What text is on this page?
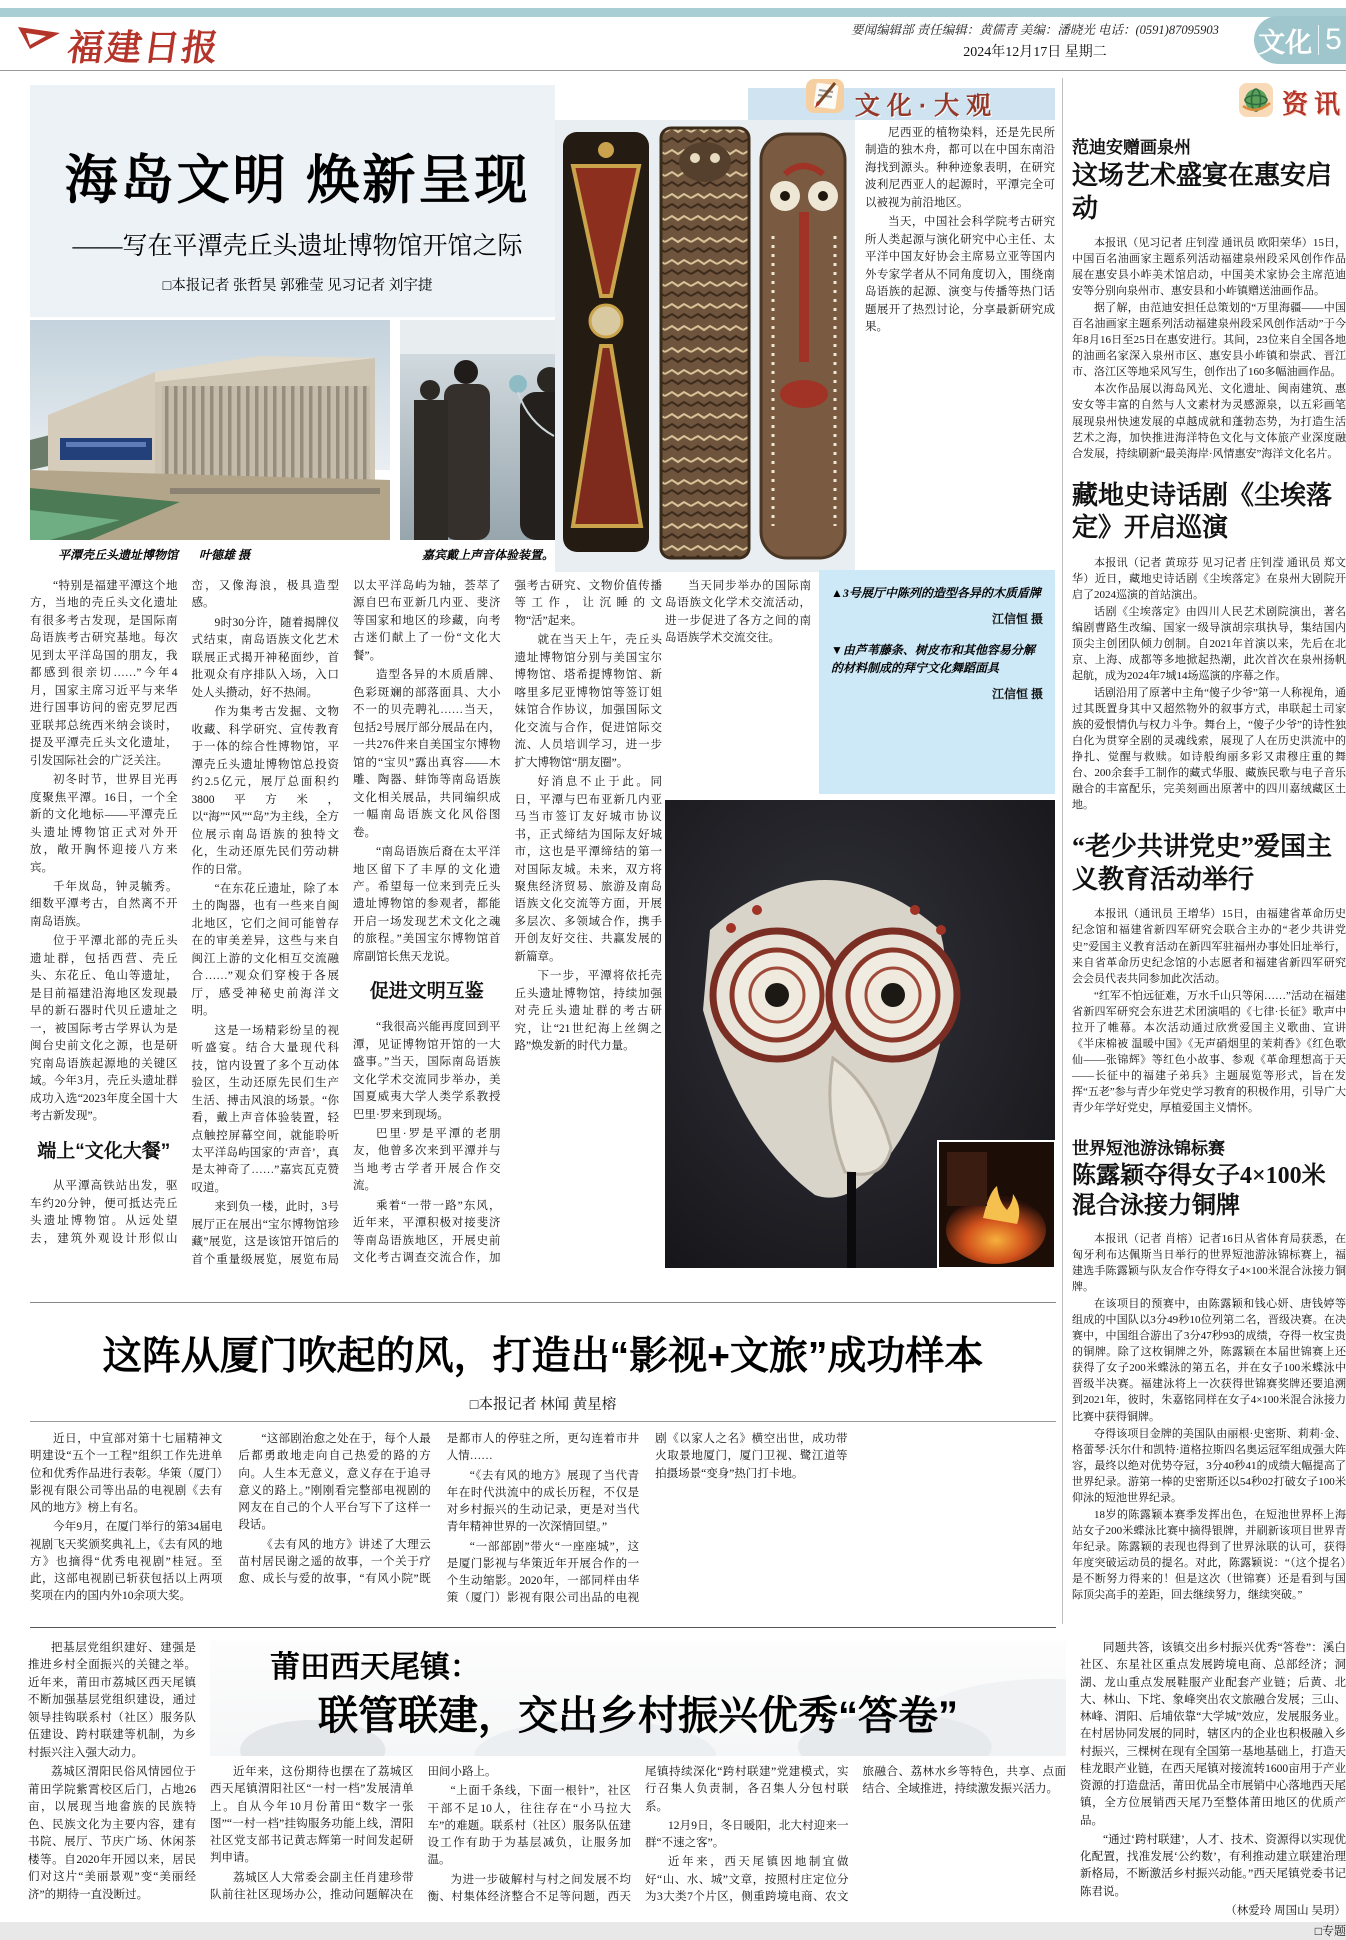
福建日报	要闻编辑部 责任编辑：黄儒青 美编：潘晓光 电话：(0591)87095903
2024年12月17日 星期二	文化 5
文化·大观
海岛文明 焕新呈现
——写在平潭壳丘头遗址博物馆开馆之际
□本报记者 张哲昊 郭雅莹 见习记者 刘宇捷
平潭壳丘头遗址博物馆 叶德雄 摄	嘉宾戴上声音体验装置。

尼西亚的植物染料，还是先民所制造的独木舟，都可以在中国东南沿海找到源头。种种迹象表明，在研究波利尼西亚人的起源时，平潭完全可以被视为前沿地区。

当天，中国社会科学院考古研究所人类起源与演化研究中心主任、太平洋中国友好协会主席易立亚等国内外专家学者从不同角度切入，围绕南岛语族的起源、演变与传播等热门话题展开了热烈讨论，分享最新研究成果。

▲3号展厅中陈列的造型各异的木质盾牌
江信恒 摄
▼由芦苇藤条、树皮布和其他容易分解的材料制成的拜宁文化舞蹈面具
江信恒 摄

当天同步举办的国际南岛语族文化学术交流活动，进一步促进了各方之间的南岛语族学术交流交往。

“特别是福建平潭这个地方，当地的壳丘头文化遗址有很多考古发现，是国际南岛语族考古研究基地。每次见到太平洋岛国的朋友，我都感到很亲切……”今年4月，国家主席习近平与来华进行国事访问的密克罗尼西亚联邦总统西米纳会谈时，提及平潭壳丘头文化遗址，引发国际社会的广泛关注。

初冬时节，世界目光再度聚焦平潭。16日，一个全新的文化地标——平潭壳丘头遗址博物馆正式对外开放，敞开胸怀迎接八方来宾。

千年岚岛，钟灵毓秀。细数平潭考古，自然离不开南岛语族。

位于平潭北部的壳丘头遗址群，包括西营、壳丘头、东花丘、龟山等遗址，是目前福建沿海地区发现最早的新石器时代贝丘遗址之一，被国际考古学界认为是闽台史前文化之源，也是研究南岛语族起源地的关键区域。今年3月，壳丘头遗址群成功入选“2023年度全国十大考古新发现”。

端上“文化大餐”

从平潭高铁站出发，驱车约20分钟，便可抵达壳丘头遗址博物馆。从远处望去，建筑外观设计形似山峦，又像海浪，极具造型感。

9时30分许，随着揭牌仪式结束，南岛语族文化艺术联展正式揭开神秘面纱，首批观众有序排队入场，入口处人头攒动，好不热闹。

作为集考古发掘、文物收藏、科学研究、宣传教育于一体的综合性博物馆，平潭壳丘头遗址博物馆总投资约2.5亿元，展厅总面积约3800平方米，以“海”“风”“岛”为主线，全方位展示南岛语族的独特文化，生动还原先民们劳动耕作的日常。

“在东花丘遗址，除了本土的陶器，也有一些来自闽北地区，它们之间可能曾存在的审美差异，这些与来自闽江上游的文化相互交流融合……”观众们穿梭于各展厅，感受神秘史前海洋文明。

这是一场精彩纷呈的视听盛宴。结合大量现代科技，馆内设置了多个互动体验区，生动还原先民们生产生活、搏击风浪的场景。“你看，戴上声音体验装置，轻点触控屏幕空间，就能聆听太平洋岛屿国家的‘声音’，真是太神奇了……”嘉宾瓦克赞叹道。

来到负一楼，此时，3号展厅正在展出“宝尔博物馆珍藏”展览，这是该馆开馆后的首个重量级展览，展览布局以太平洋岛屿为轴，荟萃了源自巴布亚新几内亚、斐济等国家和地区的珍藏，向考古迷们献上了一份“文化大餐”。

造型各异的木质盾牌、色彩斑斓的部落面具、大小不一的贝壳聘礼……当天，包括2号展厅部分展品在内，一共276件来自美国宝尔博物馆的“宝贝”露出真容——木雕、陶器、蚌饰等南岛语族文化相关展品，共同编织成一幅南岛语族文化风俗图卷。

“南岛语族后裔在太平洋地区留下了丰厚的文化遗产。希望每一位来到壳丘头遗址博物馆的参观者，都能开启一场发现艺术文化之魂的旅程。”美国宝尔博物馆首席副馆长焦天龙说。

促进文明互鉴

“我很高兴能再度回到平潭，见证博物馆开馆的一大盛事。”当天，国际南岛语族文化学术交流同步举办，美国夏威夷大学人类学系教授巴里·罗来到现场。

巴里·罗是平潭的老朋友，他曾多次来到平潭并与当地考古学者开展合作交流。

乘着“一带一路”东风，近年来，平潭积极对接斐济等南岛语族地区，开展史前文化考古调查交流合作，加强考古研究、文物价值传播等工作，让沉睡的文物“活”起来。

就在当天上午，壳丘头遗址博物馆分别与美国宝尔博物馆、塔希提博物馆、新喀里多尼亚博物馆等签订姐妹馆合作协议，加强国际文化交流与合作，促进馆际交流、人员培训学习，进一步扩大博物馆“朋友圈”。

好消息不止于此。同日，平潭与巴布亚新几内亚马当市签订友好城市协议书，正式缔结为国际友好城市，这也是平潭缔结的第一对国际友城。未来，双方将聚焦经济贸易、旅游及南岛语族文化交流等方面，开展多层次、多领域合作，携手开创友好交往、共赢发展的新篇章。

下一步，平潭将依托壳丘头遗址博物馆，持续加强对壳丘头遗址群的考古研究，让“21世纪海上丝绸之路”焕发新的时代力量。

这阵从厦门吹起的风，打造出“影视+文旅”成功样本
□本报记者 林闻 黄星榕

近日，中宣部对第十七届精神文明建设“五个一工程”组织工作先进单位和优秀作品进行表彰。华策（厦门）影视有限公司等出品的电视剧《去有风的地方》榜上有名。

今年9月，在厦门举行的第34届电视剧飞天奖颁奖典礼上，《去有风的地方》也摘得“优秀电视剧”桂冠。至此，这部电视剧已斩获包括以上两项奖项在内的国内外10余项大奖。

“这部剧治愈之处在于，每个人最后都勇敢地走向自己热爱的路的方向。人生本无意义，意义存在于追寻意义的路上。”刚刚看完整部电视剧的网友在自己的个人平台写下了这样一段话。

《去有风的地方》讲述了大理云苗村居民谢之遥的故事，一个关于疗愈、成长与爱的故事，“有风小院”既是都市人的停驻之所，更勾连着市井人情……

“《去有风的地方》展现了当代青年在时代洪流中的成长历程，不仅是对乡村振兴的生动记录，更是对当代青年精神世界的一次深情回望。”

“一部部剧”带火“一座座城”，这是厦门影视与华策近年开展合作的一个生动缩影。2020年，一部同样由华策（厦门）影视有限公司出品的电视剧《以家人之名》横空出世，成功带火取景地厦门，厦门卫视、鹭江道等拍摄场景“变身”热门打卡地。

把基层党组织建好、建强是推进乡村全面振兴的关键之举。近年来，莆田市荔城区西天尾镇不断加强基层党组织建设，通过领导挂钩联系村（社区）服务队伍建设、跨村联建等机制，为乡村振兴注入强大动力。

荔城区渭阳民俗风情园位于莆田学院紫霄校区后门，占地26亩，以展现当地畲族的民族特色、民族文化为主要内容，建有书院、展厅、节庆广场、休闲茶楼等。自2020年开园以来，居民们对这片“美丽景观”变“美丽经济”的期待一直没断过。

莆田西天尾镇：
联管联建，交出乡村振兴优秀“答卷”

近年来，这份期待也摆在了荔城区西天尾镇渭阳社区“一村一档”发展清单上。自从今年10月份莆田“数字一张图”“一村一档”挂钩服务功能上线，渭阳社区党支部书记黄志辉第一时间发起研判申请。

荔城区人大常委会副主任肖建珍带队前往社区现场办公，推动问题解决在田间小路上。

“上面千条线，下面一根针”，社区干部不足10人，往往存在“小马拉大车”的难题。联系村（社区）服务队伍建设工作有助于为基层减负，让服务加温。

为进一步破解村与村之间发展不均衡、村集体经济整合不足等问题，西天尾镇持续深化“跨村联建”党建模式，实行召集人负责制，各召集人分包村联系。

12月9日，冬日暖阳，北大村迎来一群“不速之客”。

近年来，西天尾镇因地制宜做好“山、水、城”文章，按照村庄定位分为3大类7个片区，侧重跨境电商、农文旅融合、荔林水乡等特色，共享、点面结合、全域推进，持续激发振兴活力。

同题共答，该镇交出乡村振兴优秀“答卷”：溪白社区、东星社区重点发展跨境电商、总部经济；洞湖、龙山重点发展鞋服产业配套产业链；后黄、北大、林山、下垞、象峰突出农文旅融合发展；三山、林峰、渭阳、后埔依靠“大学城”效应，发展服务业。在村居协同发展的同时，辖区内的企业也积极融入乡村振兴，三棵树在现有全国第一基地基础上，打造天桂龙眼产业链，在西天尾镇对接流转1600亩用于产业资源的打造盘活，莆田优品全市展销中心落地西天尾镇，全方位展销西天尾乃至整体莆田地区的优质产品。

“通过‘跨村联建’，人才、技术、资源得以实现优化配置，找准发展‘公约数’，有利推动建立联建治理新格局，不断激活乡村振兴动能。”西天尾镇党委书记陈君说。

（林爱玲 周国山 吴玥）
□专题
资讯
范迪安赠画泉州
这场艺术盛宴在惠安启动

本报讯（见习记者 庄钊滢 通讯员 欧阳荣华）15日，中国百名油画家主题系列活动福建泉州段采风创作作品展在惠安县小岞美术馆启动，中国美术家协会主席范迪安等分别向泉州市、惠安县和小岞镇赠送油画作品。

据了解，由范迪安担任总策划的“万里海疆——中国百名油画家主题系列活动福建泉州段采风创作活动”于今年8月16日至25日在惠安进行。其间，23位来自全国各地的油画名家深入泉州市区、惠安县小岞镇和崇武、晋江市、洛江区等地采风写生，创作出了160多幅油画作品。

本次作品展以海岛风光、文化遗址、闽南建筑、惠安女等丰富的自然与人文素材为灵感源泉，以五彩画笔展现泉州快速发展的卓越成就和蓬勃态势，为打造生活艺术之海，加快推进海洋特色文化与文体旅产业深度融合发展，持续刷新“最美海岸·风情惠安”海洋文化名片。

藏地史诗话剧《尘埃落定》开启巡演

本报讯（记者 黄琼芬 见习记者 庄钊滢 通讯员 郑文华）近日，藏地史诗话剧《尘埃落定》在泉州大剧院开启了2024巡演的首站演出。

话剧《尘埃落定》由四川人民艺术剧院演出，著名编剧曹路生改编、国家一级导演胡宗琪执导，集结国内顶尖主创团队倾力创制。自2021年首演以来，先后在北京、上海、成都等多地掀起热潮，此次首次在泉州扬帆起航，成为2024年7城14场巡演的序幕之作。

话剧沿用了原著中主角“傻子少爷”第一人称视角，通过其既置身其中又超然物外的叙事方式，串联起土司家族的爱恨情仇与权力斗争。舞台上，“傻子少爷”的诗性独白化为贯穿全剧的灵魂线索，展现了人在历史洪流中的挣扎、觉醒与救赎。如诗般绚丽多彩又肃穆庄重的舞台、200余套手工制作的藏式华服、藏族民歌与电子音乐融合的丰富配乐，完美刻画出原著中的四川嘉绒藏区土地。

“老少共讲党史”爱国主义教育活动举行

本报讯（通讯员 王增华）15日，由福建省革命历史纪念馆和福建省新四军研究会联合主办的“老少共讲党史”爱国主义教育活动在新四军驻福州办事处旧址举行，来自省革命历史纪念馆的小志愿者和福建省新四军研究会会员代表共同参加此次活动。

“红军不怕远征难，万水千山只等闲……”活动在福建省新四军研究会东进艺术团演唱的《七律·长征》歌声中拉开了帷幕。本次活动通过欣赏爱国主义歌曲、宣讲《半床棉被 温暖中国》《无声硝烟里的茉莉香》《红色歌仙——张锦辉》等红色小故事、参观《革命理想高于天——长征中的福建子弟兵》主题展览等形式，旨在发挥“五老”参与青少年党史学习教育的积极作用，引导广大青少年学好党史，厚植爱国主义情怀。

世界短池游泳锦标赛
陈露颖夺得女子4×100米混合泳接力铜牌

本报讯（记者 肖榕）记者16日从省体育局获悉，在匈牙利布达佩斯当日举行的世界短池游泳锦标赛上，福建选手陈露颖与队友合作夺得女子4×100米混合泳接力铜牌。

在该项目的预赛中，由陈露颖和钱心妍、唐钱婷等组成的中国队以3分49秒10位列第二名，晋级决赛。在决赛中，中国组合游出了3分47秒93的成绩，夺得一枚宝贵的铜牌。除了这枚铜牌之外，陈露颖在本届世锦赛上还获得了女子200米蝶泳的第五名，并在女子100米蝶泳中晋级半决赛。福建泳将上一次获得世锦赛奖牌还要追溯到2021年，彼时，朱嘉铭同样在女子4×100米混合泳接力比赛中获得铜牌。

夺得该项目金牌的美国队由丽根·史密斯、莉莉·金、格蕾琴·沃尔什和凯特·道格拉斯四名奥运冠军组成强大阵容，最终以绝对优势夺冠，3分40秒41的成绩大幅提高了世界纪录。游第一棒的史密斯还以54秒02打破女子100米仰泳的短池世界纪录。

18岁的陈露颖本赛季发挥出色，在短池世界杯上海站女子200米蝶泳比赛中摘得银牌，并刷新该项目世界青年纪录。陈露颖的表现也得到了世界泳联的认可，获得年度突破运动员的提名。对此，陈露颖说：“（这个提名）是不断努力得来的！但是这次（世锦赛）还是看到与国际顶尖高手的差距，回去继续努力，继续突破。”
